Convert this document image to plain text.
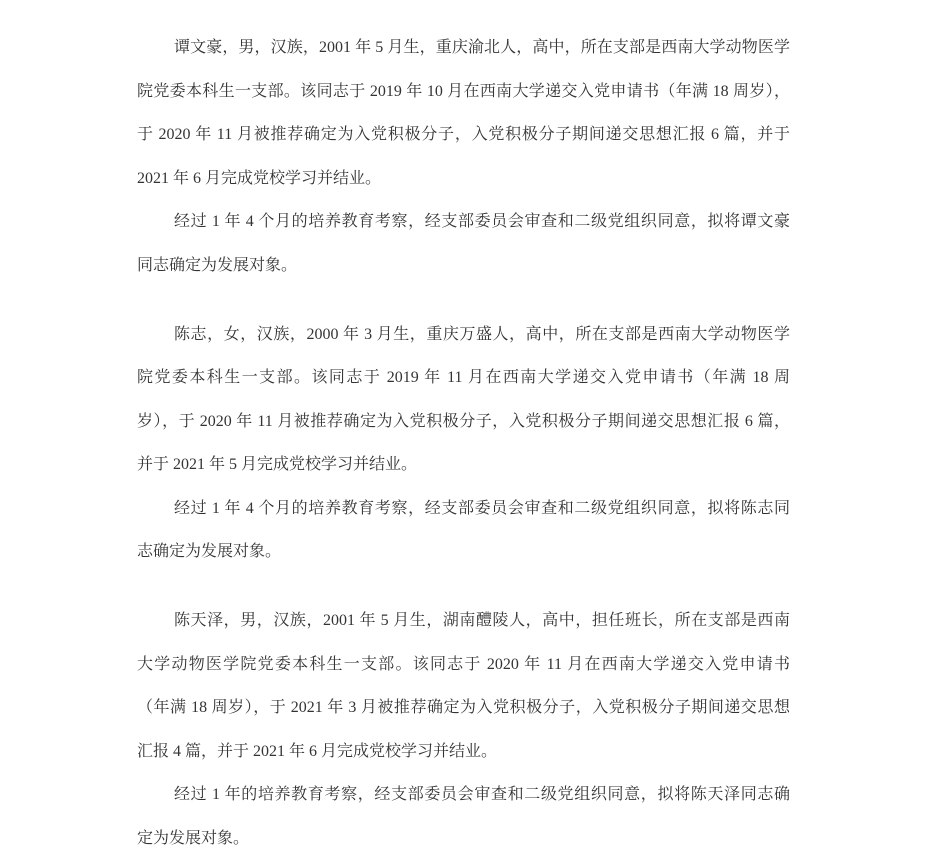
谭文豪，男，汉族，2001 年 5 月生，重庆渝北人，高中，所在支部是西南大学动物医学
院党委本科生一支部。该同志于 2019 年 10 月在西南大学递交入党申请书（年满 18 周岁），
于 2020 年 11 月被推荐确定为入党积极分子，入党积极分子期间递交思想汇报 6 篇，并于
2021 年 6 月完成党校学习并结业。
经过 1 年 4 个月的培养教育考察，经支部委员会审查和二级党组织同意，拟将谭文豪
同志确定为发展对象。
陈志，女，汉族，2000 年 3 月生，重庆万盛人，高中，所在支部是西南大学动物医学
院党委本科生一支部。该同志于 2019 年 11 月在西南大学递交入党申请书（年满 18 周
岁），于 2020 年 11 月被推荐确定为入党积极分子，入党积极分子期间递交思想汇报 6 篇，
并于 2021 年 5 月完成党校学习并结业。
经过 1 年 4 个月的培养教育考察，经支部委员会审查和二级党组织同意，拟将陈志同
志确定为发展对象。
陈天泽，男，汉族，2001 年 5 月生，湖南醴陵人，高中，担任班长，所在支部是西南
大学动物医学院党委本科生一支部。该同志于 2020 年 11 月在西南大学递交入党申请书
（年满 18 周岁），于 2021 年 3 月被推荐确定为入党积极分子，入党积极分子期间递交思想
汇报 4 篇，并于 2021 年 6 月完成党校学习并结业。
经过 1 年的培养教育考察，经支部委员会审查和二级党组织同意，拟将陈天泽同志确
定为发展对象。
